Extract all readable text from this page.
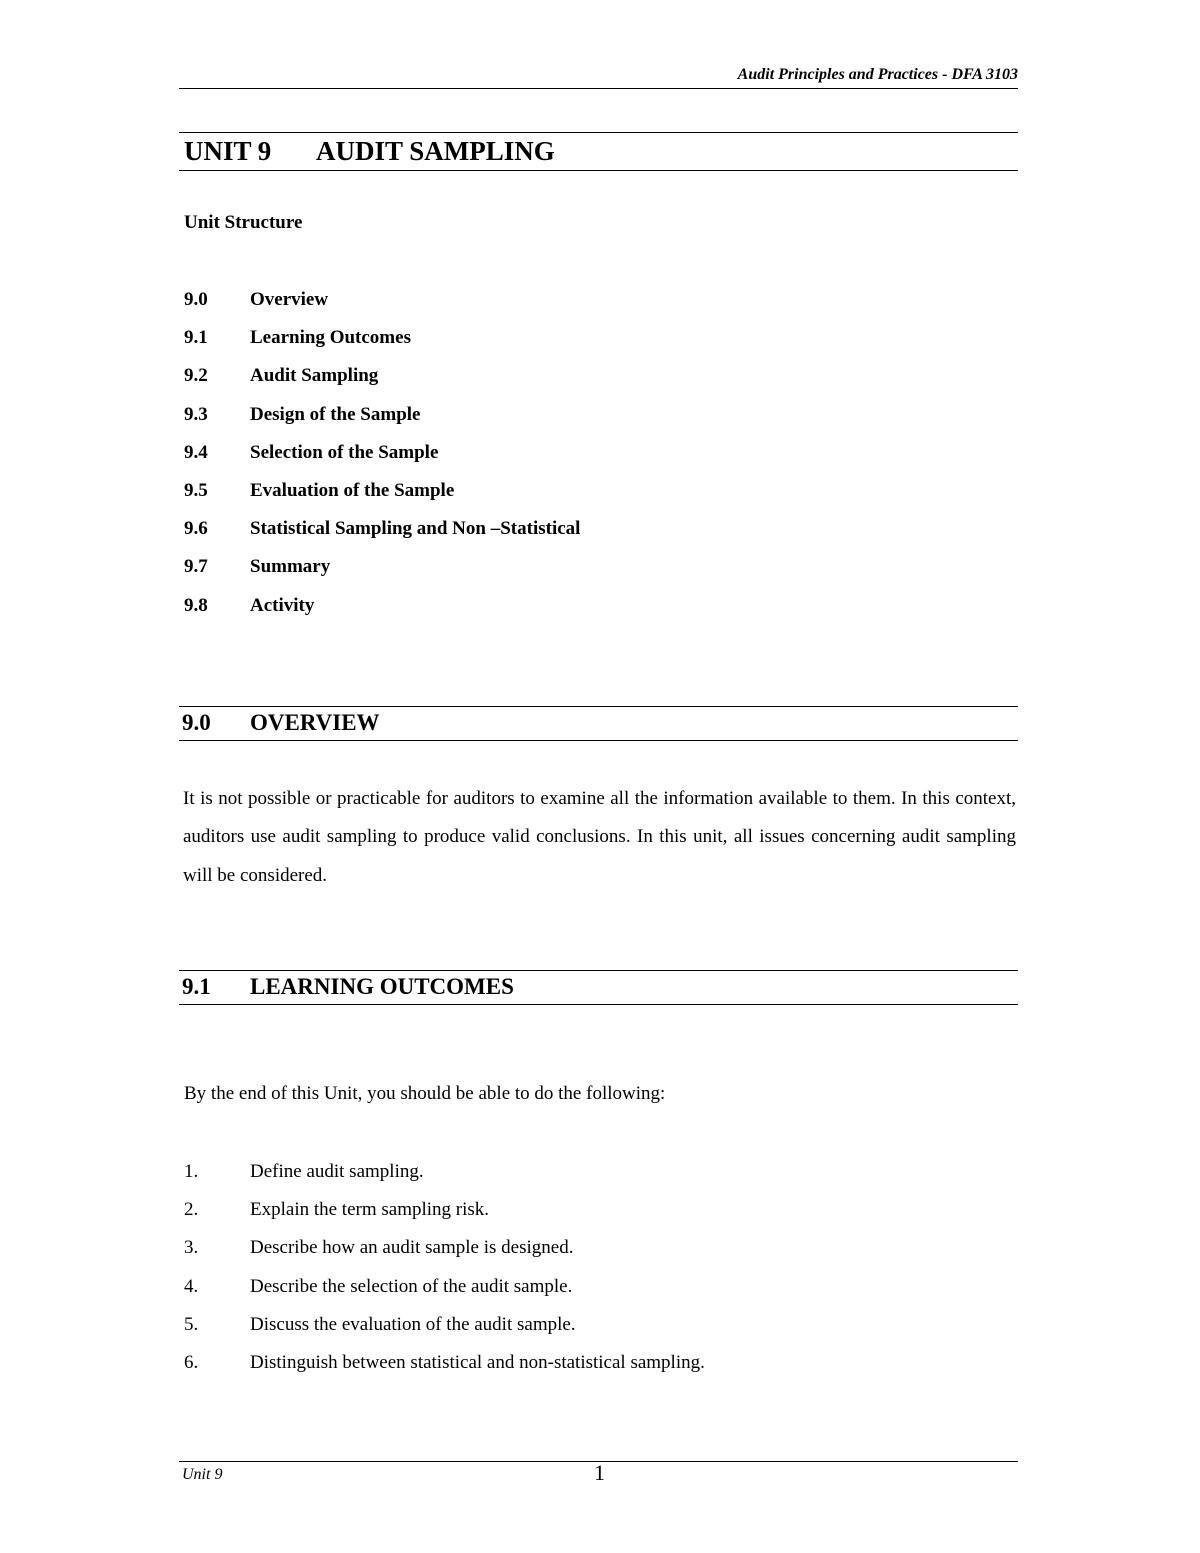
Audit Principles and Practices - DFA 3103
UNIT 9 AUDIT SAMPLING
Unit Structure
9.0 Overview
9.1 Learning Outcomes
9.2 Audit Sampling
9.3 Design of the Sample
9.4 Selection of the Sample
9.5 Evaluation of the Sample
9.6 Statistical Sampling and Non –Statistical
9.7 Summary
9.8 Activity
9.0 OVERVIEW

It is not possible or practicable for auditors to examine all the information available to them. In this context, auditors use audit sampling to produce valid conclusions. In this unit, all issues concerning audit sampling will be considered.

9.1 LEARNING OUTCOMES
By the end of this Unit, you should be able to do the following:
1.	Define audit sampling.
2.	Explain the term sampling risk.
3.	Describe how an audit sample is designed.
4.	Describe the selection of the audit sample.
5.	Discuss the evaluation of the audit sample.
6.	Distinguish between statistical and non-statistical sampling.
Unit 9	1
